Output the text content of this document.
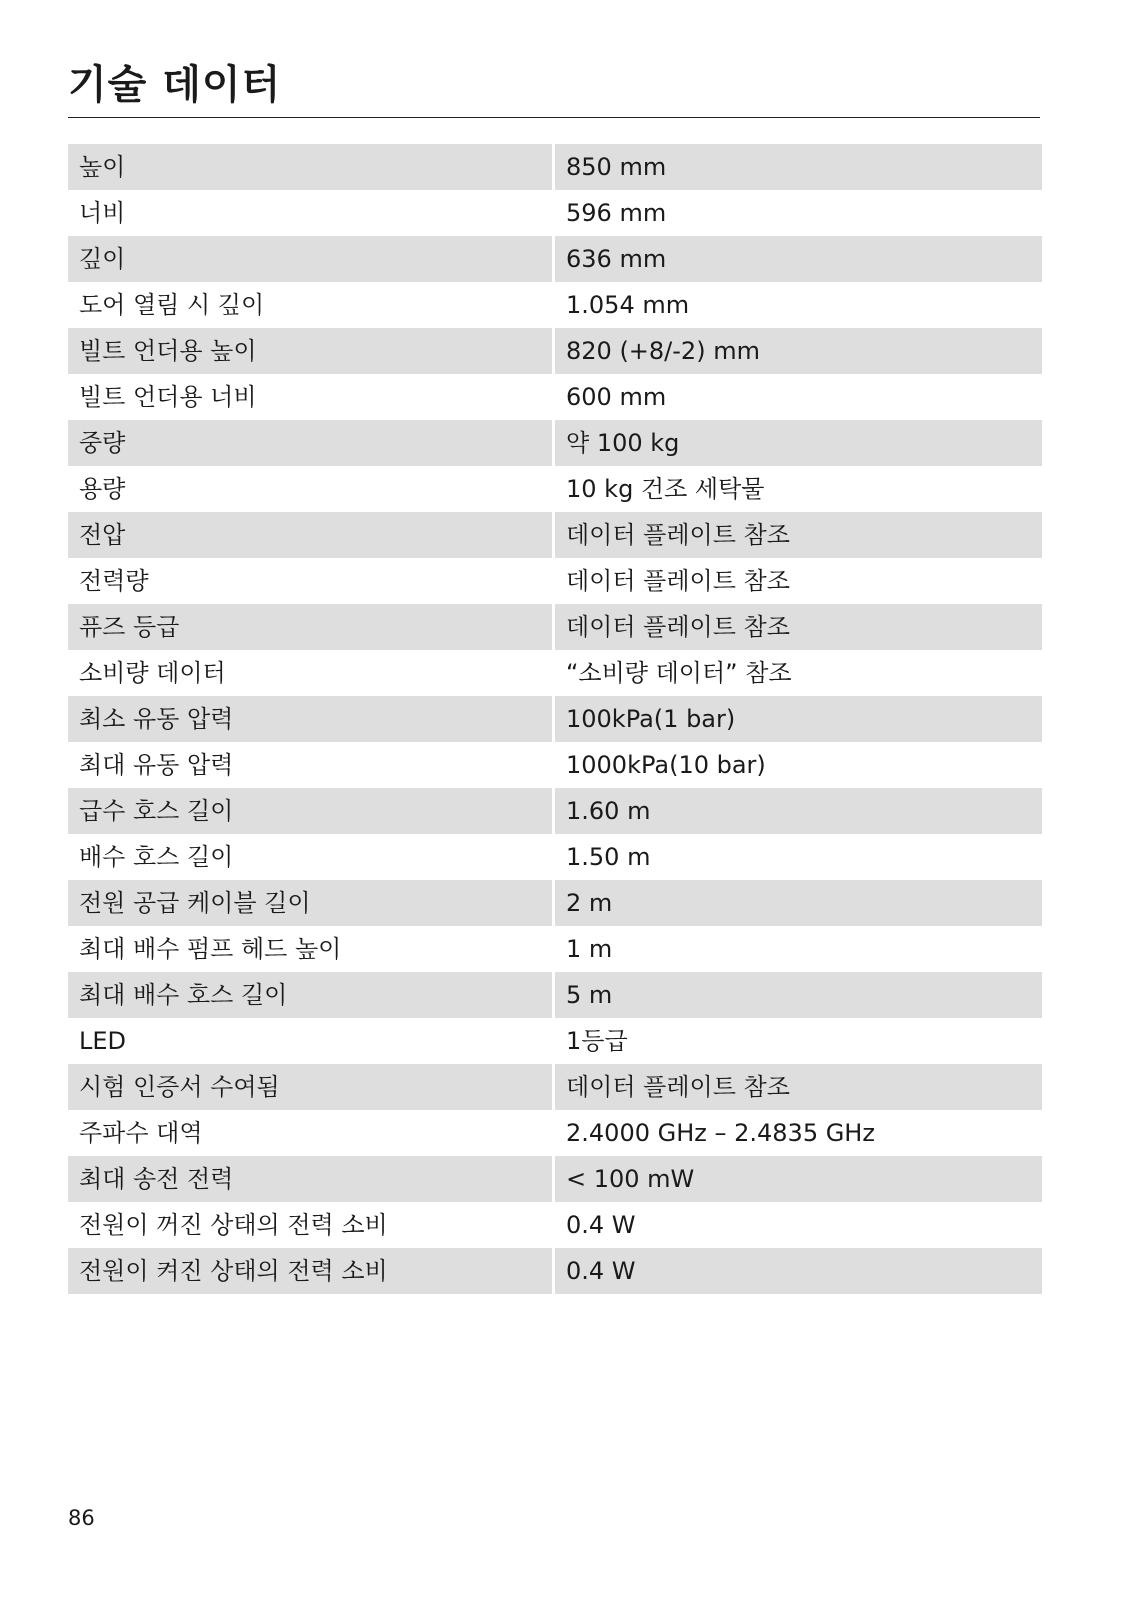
기술 데이터
높이	850 mm
너비	596 mm
깊이	636 mm
도어 열림 시 깊이	1.054 mm
빌트 언더용 높이	820 (+8/-2) mm
빌트 언더용 너비	600 mm
중량	약 100 kg
용량	10 kg 건조 세탁물
전압	데이터 플레이트 참조
전력량	데이터 플레이트 참조
퓨즈 등급	데이터 플레이트 참조
소비량 데이터	“소비량 데이터” 참조
최소 유동 압력	100kPa(1 bar)
최대 유동 압력	1000kPa(10 bar)
급수 호스 길이	1.60 m
배수 호스 길이	1.50 m
전원 공급 케이블 길이	2 m
최대 배수 펌프 헤드 높이	1 m
최대 배수 호스 길이	5 m
LED	1등급
시험 인증서 수여됨	데이터 플레이트 참조
주파수 대역	2.4000 GHz – 2.4835 GHz
최대 송전 전력	< 100 mW
전원이 꺼진 상태의 전력 소비	0.4 W
전원이 켜진 상태의 전력 소비	0.4 W
86
